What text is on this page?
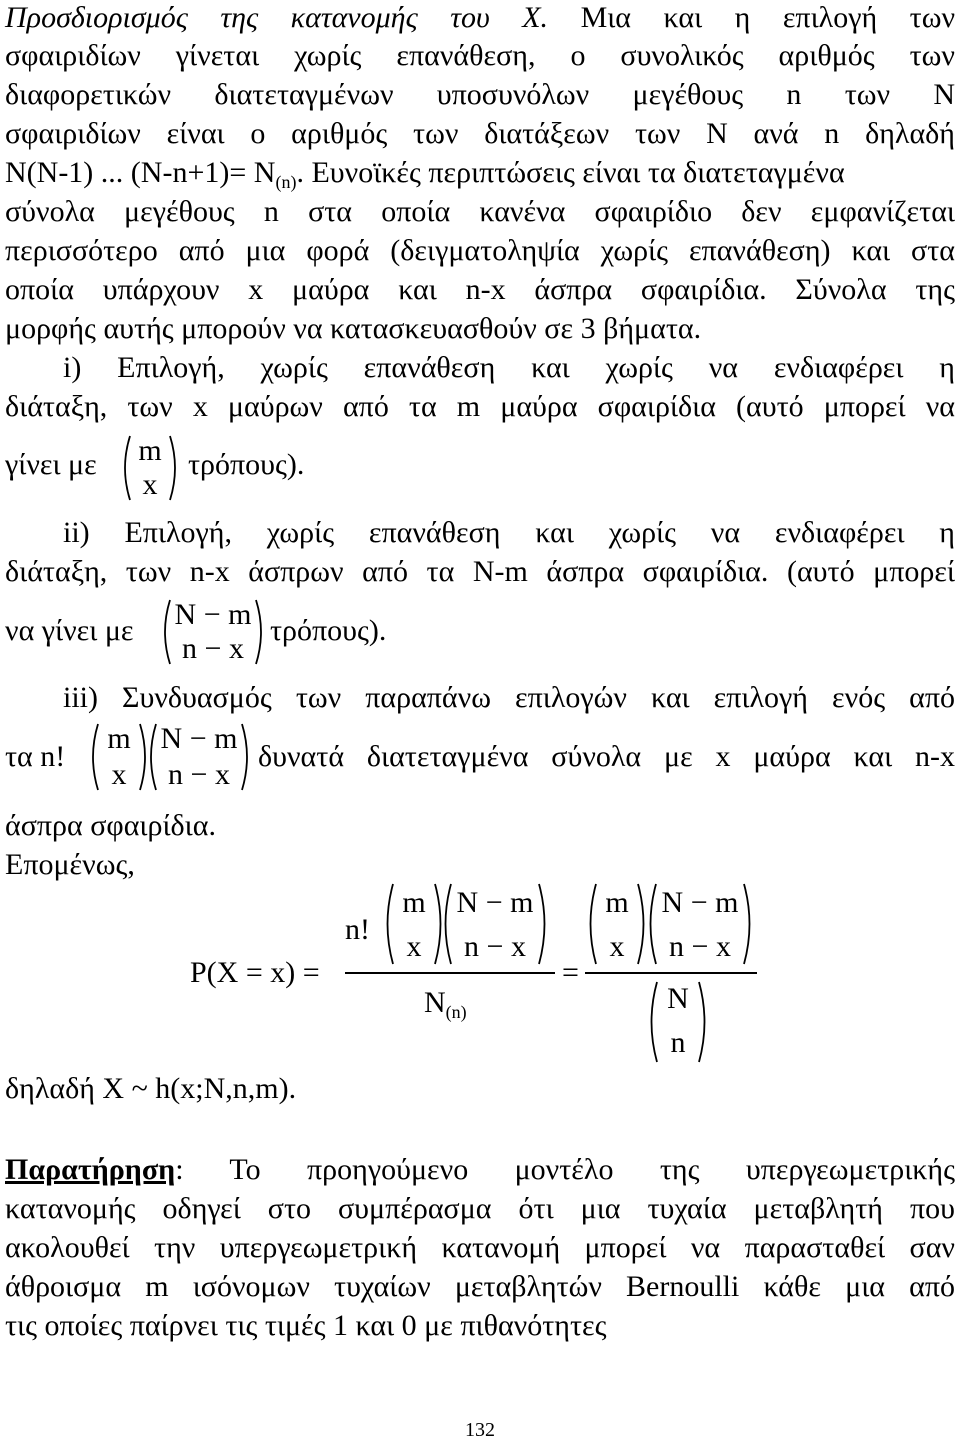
Προσδιορισμός της κατανομής του Χ. Μια και η επιλογή των
σφαιριδίων γίνεται χωρίς επανάθεση, ο συνολικός αριθμός των
διαφορετικών διατεταγμένων υποσυνόλων μεγέθους n των N
σφαιριδίων είναι ο αριθμός των διατάξεων των N ανά n δηλαδή
N(N-1) ... $(N-n+1)= N_{(n)}$. Ευνοϊκές περιπτώσεις είναι τα διατεταγμένα
σύνολα μεγέθους n στα οποία κανένα σφαιρίδιο δεν εμφανίζεται
περισσότερο από μια φορά (δειγματοληψία χωρίς επανάθεση) και στα
οποία υπάρχουν x μαύρα και n-x άσπρα σφαιρίδια. Σύνολα της
μορφής αυτής μπορούν να κατασκευασθούν σε 3 βήματα.
i) Επιλογή, χωρίς επανάθεση και χωρίς να ενδιαφέρει η
διάταξη, των x μαύρων από τα m μαύρα σφαιρίδια (αυτό μπορεί να
γίνει με	m
x
τρόπους).
ii) Επιλογή, χωρίς επανάθεση και χωρίς να ενδιαφέρει η
διάταξη, των n-x άσπρων από τα N-m άσπρα σφαιρίδια. (αυτό μπορεί
να γίνει με	N − m
n − x
τρόπους).
iii) Συνδυασμός των παραπάνω επιλογών και επιλογή ενός από
τα n!
m
x
N − m
n − x
δυνατά διατεταγμένα σύνολα με x μαύρα και n-x
άσπρα σφαιρίδια.
Επομένως,
P(X = x) =
n!
m
x
N − m
n − x
$N_{(n)}$
=
m
x
N − m
n − x
N
n
δηλαδή X ~ h(x;N,n,m).
Παρατήρηση: Το προηγούμενο μοντέλο της υπεργεωμετρικής
κατανομής οδηγεί στο συμπέρασμα ότι μια τυχαία μεταβλητή που
ακολουθεί την υπεργεωμετρική κατανομή μπορεί να παρασταθεί σαν
άθροισμα m ισόνομων τυχαίων μεταβλητών Bernoulli κάθε μια από
τις οποίες παίρνει τις τιμές 1 και 0 με πιθανότητες
132
